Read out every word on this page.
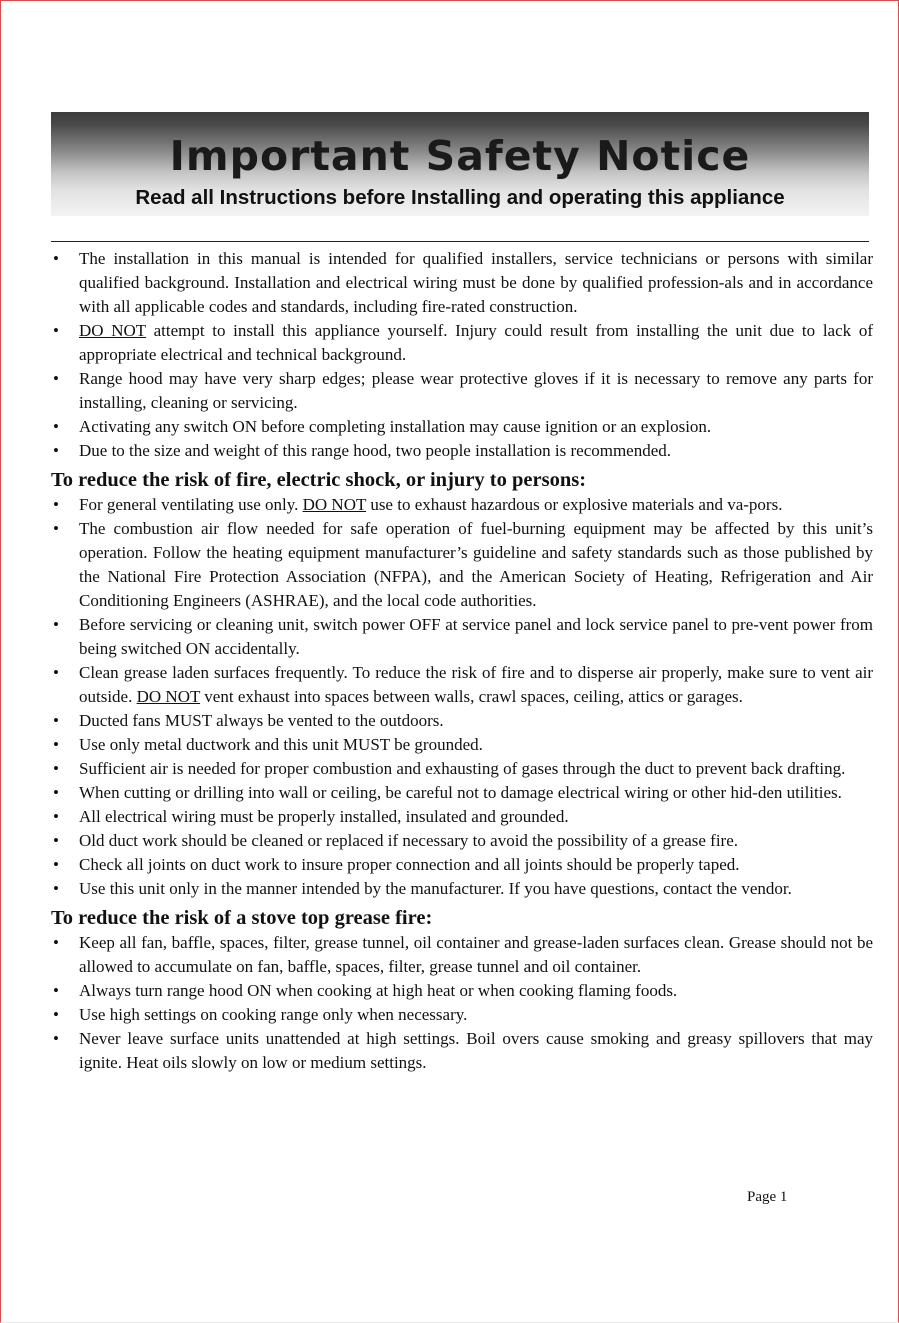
Important Safety Notice
Read all Instructions before Installing and operating this appliance
• The installation in this manual is intended for qualified installers, service technicians or persons with similar qualified background. Installation and electrical wiring must be done by qualified profession-als and in accordance with all applicable codes and standards, including fire-rated construction.
• DO NOT attempt to install this appliance yourself. Injury could result from installing the unit due to lack of appropriate electrical and technical background.
• Range hood may have very sharp edges; please wear protective gloves if it is necessary to remove any parts for installing, cleaning or servicing.
• Activating any switch ON before completing installation may cause ignition or an explosion.
• Due to the size and weight of this range hood, two people installation is recommended.
To reduce the risk of fire, electric shock, or injury to persons:
• For general ventilating use only. DO NOT use to exhaust hazardous or explosive materials and va-pors.
• The combustion air flow needed for safe operation of fuel-burning equipment may be affected by this unit’s operation. Follow the heating equipment manufacturer’s guideline and safety standards such as those published by the National Fire Protection Association (NFPA), and the American Society of Heating, Refrigeration and Air Conditioning Engineers (ASHRAE), and the local code authorities.
• Before servicing or cleaning unit, switch power OFF at service panel and lock service panel to pre-vent power from being switched ON accidentally.
• Clean grease laden surfaces frequently. To reduce the risk of fire and to disperse air properly, make sure to vent air outside. DO NOT vent exhaust into spaces between walls, crawl spaces, ceiling, attics or garages.
• Ducted fans MUST always be vented to the outdoors.
• Use only metal ductwork and this unit MUST be grounded.
• Sufficient air is needed for proper combustion and exhausting of gases through the duct to prevent back drafting.
• When cutting or drilling into wall or ceiling, be careful not to damage electrical wiring or other hid-den utilities.
• All electrical wiring must be properly installed, insulated and grounded.
• Old duct work should be cleaned or replaced if necessary to avoid the possibility of a grease fire.
• Check all joints on duct work to insure proper connection and all joints should be properly taped.
• Use this unit only in the manner intended by the manufacturer. If you have questions, contact the vendor.
To reduce the risk of a stove top grease fire:
• Keep all fan, baffle, spaces, filter, grease tunnel, oil container and grease-laden surfaces clean. Grease should not be allowed to accumulate on fan, baffle, spaces, filter, grease tunnel and oil container.
• Always turn range hood ON when cooking at high heat or when cooking flaming foods.
• Use high settings on cooking range only when necessary.
• Never leave surface units unattended at high settings. Boil overs cause smoking and greasy spillovers that may ignite. Heat oils slowly on low or medium settings.
Page 1
